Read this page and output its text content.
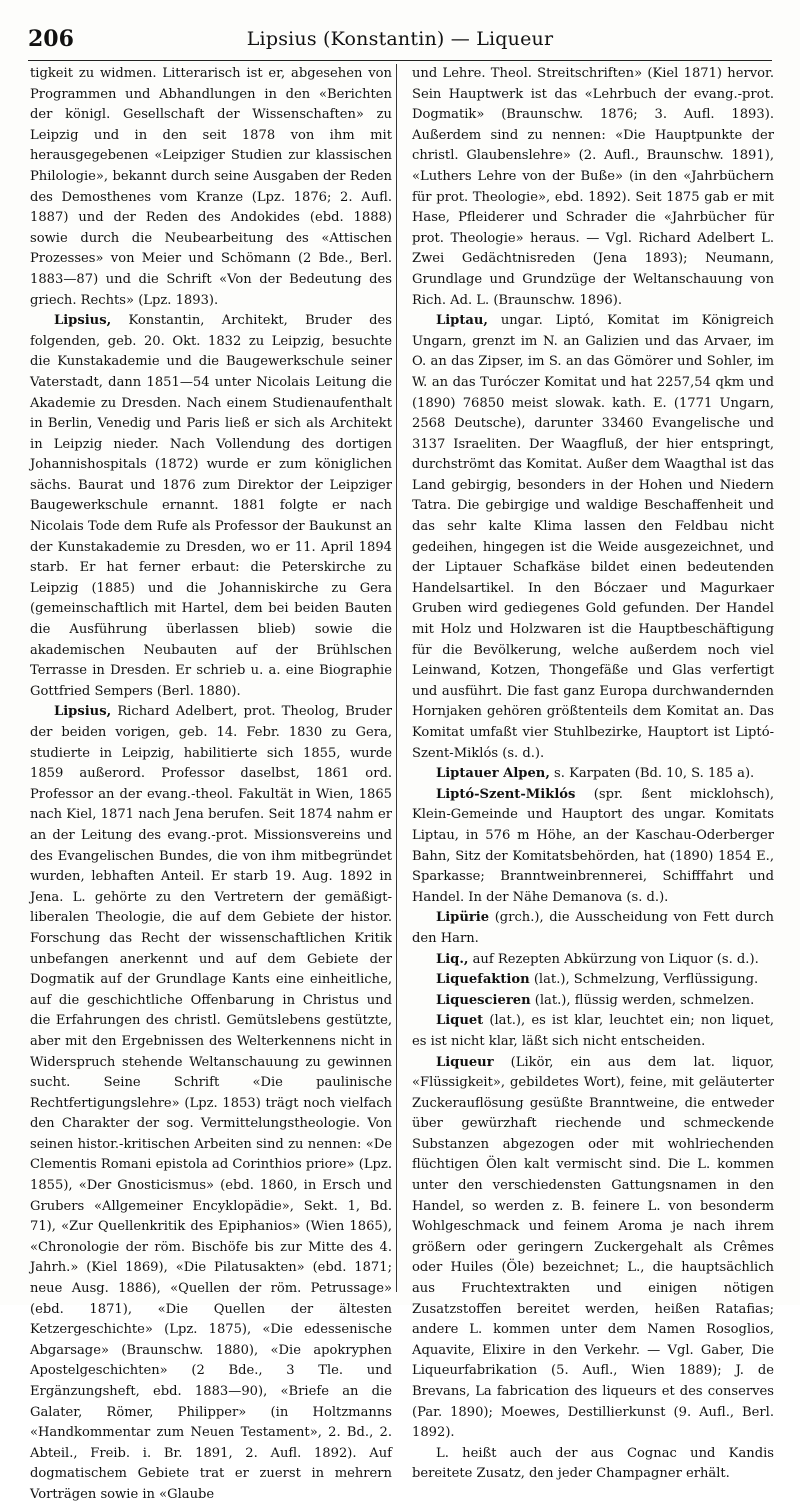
206	Lipsius (Konstantin) — Liqueur

tigkeit zu widmen. Litterarisch ist er, abgesehen von Programmen und Abhandlungen in den «Berichten der königl. Gesellschaft der Wissenschaften» zu Leipzig und in den seit 1878 von ihm mit herausgegebenen «Leipziger Studien zur klassischen Philologie», bekannt durch seine Ausgaben der Reden des Demosthenes vom Kranze (Lpz. 1876; 2. Aufl. 1887) und der Reden des Andokides (ebd. 1888) sowie durch die Neubearbeitung des «Attischen Prozesses» von Meier und Schömann (2 Bde., Berl. 1883—87) und die Schrift «Von der Bedeutung des griech. Rechts» (Lpz. 1893).

Lipsius, Konstantin, Architekt, Bruder des folgenden, geb. 20. Okt. 1832 zu Leipzig, besuchte die Kunstakademie und die Baugewerkschule seiner Vaterstadt, dann 1851—54 unter Nicolais Leitung die Akademie zu Dresden. Nach einem Studienaufenthalt in Berlin, Venedig und Paris ließ er sich als Architekt in Leipzig nieder. Nach Vollendung des dortigen Johannishospitals (1872) wurde er zum königlichen sächs. Baurat und 1876 zum Direktor der Leipziger Baugewerkschule ernannt. 1881 folgte er nach Nicolais Tode dem Rufe als Professor der Baukunst an der Kunstakademie zu Dresden, wo er 11. April 1894 starb. Er hat ferner erbaut: die Peterskirche zu Leipzig (1885) und die Johanniskirche zu Gera (gemeinschaftlich mit Hartel, dem bei beiden Bauten die Ausführung überlassen blieb) sowie die akademischen Neubauten auf der Brühlschen Terrasse in Dresden. Er schrieb u. a. eine Biographie Gottfried Sempers (Berl. 1880).

Lipsius, Richard Adelbert, prot. Theolog, Bruder der beiden vorigen, geb. 14. Febr. 1830 zu Gera, studierte in Leipzig, habilitierte sich 1855, wurde 1859 außerord. Professor daselbst, 1861 ord. Professor an der evang.-theol. Fakultät in Wien, 1865 nach Kiel, 1871 nach Jena berufen. Seit 1874 nahm er an der Leitung des evang.-prot. Missionsvereins und des Evangelischen Bundes, die von ihm mitbegründet wurden, lebhaften Anteil. Er starb 19. Aug. 1892 in Jena. L. gehörte zu den Vertretern der gemäßigt-liberalen Theologie, die auf dem Gebiete der histor. Forschung das Recht der wissenschaftlichen Kritik unbefangen anerkennt und auf dem Gebiete der Dogmatik auf der Grundlage Kants eine einheitliche, auf die geschichtliche Offenbarung in Christus und die Erfahrungen des christl. Gemütslebens gestützte, aber mit den Ergebnissen des Welterkennens nicht in Widerspruch stehende Weltanschauung zu gewinnen sucht. Seine Schrift «Die paulinische Rechtfertigungslehre» (Lpz. 1853) trägt noch vielfach den Charakter der sog. Vermittelungstheologie. Von seinen histor.-kritischen Arbeiten sind zu nennen: «De Clementis Romani epistola ad Corinthios priore» (Lpz. 1855), «Der Gnosticismus» (ebd. 1860, in Ersch und Grubers «Allgemeiner Encyklopädie», Sekt. 1, Bd. 71), «Zur Quellenkritik des Epiphanios» (Wien 1865), «Chronologie der röm. Bischöfe bis zur Mitte des 4. Jahrh.» (Kiel 1869), «Die Pilatusakten» (ebd. 1871; neue Ausg. 1886), «Quellen der röm. Petrussage» (ebd. 1871), «Die Quellen der ältesten Ketzergeschichte» (Lpz. 1875), «Die edessenische Abgarsage» (Braunschw. 1880), «Die apokryphen Apostelgeschichten» (2 Bde., 3 Tle. und Ergänzungsheft, ebd. 1883—90), «Briefe an die Galater, Römer, Philipper» (in Holtzmanns «Handkommentar zum Neuen Testament», 2. Bd., 2. Abteil., Freib. i. Br. 1891, 2. Aufl. 1892). Auf dogmatischem Gebiete trat er zuerst in mehrern Vorträgen sowie in «Glaube

und Lehre. Theol. Streitschriften» (Kiel 1871) hervor. Sein Hauptwerk ist das «Lehrbuch der evang.-prot. Dogmatik» (Braunschw. 1876; 3. Aufl. 1893). Außerdem sind zu nennen: «Die Hauptpunkte der christl. Glaubenslehre» (2. Aufl., Braunschw. 1891), «Luthers Lehre von der Buße» (in den «Jahrbüchern für prot. Theologie», ebd. 1892). Seit 1875 gab er mit Hase, Pfleiderer und Schrader die «Jahrbücher für prot. Theologie» heraus. — Vgl. Richard Adelbert L. Zwei Gedächtnisreden (Jena 1893); Neumann, Grundlage und Grundzüge der Weltanschauung von Rich. Ad. L. (Braunschw. 1896).

Liptau, ungar. Liptó, Komitat im Königreich Ungarn, grenzt im N. an Galizien und das Arvaer, im O. an das Zipser, im S. an das Gömörer und Sohler, im W. an das Turóczer Komitat und hat 2257,54 qkm und (1890) 76850 meist slowak. kath. E. (1771 Ungarn, 2568 Deutsche), darunter 33460 Evangelische und 3137 Israeliten. Der Waagfluß, der hier entspringt, durchströmt das Komitat. Außer dem Waagthal ist das Land gebirgig, besonders in der Hohen und Niedern Tatra. Die gebirgige und waldige Beschaffenheit und das sehr kalte Klima lassen den Feldbau nicht gedeihen, hingegen ist die Weide ausgezeichnet, und der Liptauer Schafkäse bildet einen bedeutenden Handelsartikel. In den Bóczaer und Magurkaer Gruben wird gediegenes Gold gefunden. Der Handel mit Holz und Holzwaren ist die Hauptbeschäftigung für die Bevölkerung, welche außerdem noch viel Leinwand, Kotzen, Thongefäße und Glas verfertigt und ausführt. Die fast ganz Europa durchwandernden Hornjaken gehören größtenteils dem Komitat an. Das Komitat umfaßt vier Stuhlbezirke, Hauptort ist Liptó-Szent-Miklós (s. d.).

Liptauer Alpen, s. Karpaten (Bd. 10, S. 185 a).

Liptó-Szent-Miklós (spr. ßent micklohsch), Klein-Gemeinde und Hauptort des ungar. Komitats Liptau, in 576 m Höhe, an der Kaschau-Oderberger Bahn, Sitz der Komitatsbehörden, hat (1890) 1854 E., Sparkasse; Branntweinbrennerei, Schifffahrt und Handel. In der Nähe Demanova (s. d.).

Lipürie (grch.), die Ausscheidung von Fett durch den Harn.

Liq., auf Rezepten Abkürzung von Liquor (s. d.).

Liquefaktion (lat.), Schmelzung, Verflüssigung.

Liquescieren (lat.), flüssig werden, schmelzen.

Liquet (lat.), es ist klar, leuchtet ein; non liquet, es ist nicht klar, läßt sich nicht entscheiden.

Liqueur (Likör, ein aus dem lat. liquor, «Flüssigkeit», gebildetes Wort), feine, mit geläuterter Zuckerauflösung gesüßte Branntweine, die entweder über gewürzhaft riechende und schmeckende Substanzen abgezogen oder mit wohlriechenden flüchtigen Ölen kalt vermischt sind. Die L. kommen unter den verschiedensten Gattungsnamen in den Handel, so werden z. B. feinere L. von besonderm Wohlgeschmack und feinem Aroma je nach ihrem größern oder geringern Zuckergehalt als Crêmes oder Huiles (Öle) bezeichnet; L., die hauptsächlich aus Fruchtextrakten und einigen nötigen Zusatzstoffen bereitet werden, heißen Ratafias; andere L. kommen unter dem Namen Rosoglios, Aquavite, Elixire in den Verkehr. — Vgl. Gaber, Die Liqueurfabrikation (5. Aufl., Wien 1889); J. de Brevans, La fabrication des liqueurs et des conserves (Par. 1890); Moewes, Destillierkunst (9. Aufl., Berl. 1892).

L. heißt auch der aus Cognac und Kandis bereitete Zusatz, den jeder Champagner erhält.
